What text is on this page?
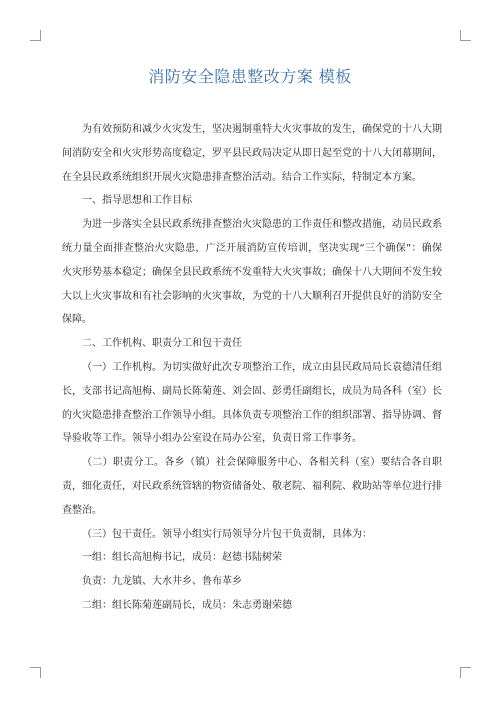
消防安全隐患整改方案 模板

为有效预防和减少火灾发生，坚决遏制重特大火灾事故的发生，确保党的十八大期间消防安全和火灾形势高度稳定，罗平县民政局决定从即日起至党的十八大闭幕期间，在全县民政系统组织开展火灾隐患排查整治活动。结合工作实际，特制定本方案。

一、指导思想和工作目标

为进一步落实全县民政系统排查整治火灾隐患的工作责任和整改措施，动员民政系统力量全面排查整治火灾隐患，广泛开展消防宣传培训，坚决实现“三个确保”：确保火灾形势基本稳定；确保全县民政系统不发重特大火灾事故；确保十八大期间不发生较大以上火灾事故和有社会影响的火灾事故，为党的十八大顺利召开提供良好的消防安全保障。

二、工作机构、职责分工和包干责任

（一）工作机构。为切实做好此次专项整治工作，成立由县民政局局长袁德清任组长，支部书记高旭梅、副局长陈菊莲、刘会固、彭勇任副组长，成员为局各科（室）长的火灾隐患排查整治工作领导小组。具体负责专项整治工作的组织部署、指导协调、督导验收等工作。领导小组办公室设在局办公室，负责日常工作事务。

（二）职责分工。各乡（镇）社会保障服务中心、各相关科（室）要结合各自职责，细化责任，对民政系统管辖的物资储备处、敬老院、福利院、救助站等单位进行排查整治。

（三）包干责任。领导小组实行局领导分片包干负责制，具体为：

一组：组长高旭梅书记，成员：赵德书陆树荣

负责：九龙镇、大水井乡、鲁布革乡

二组：组长陈菊莲副局长，成员：朱志勇谢荣德
